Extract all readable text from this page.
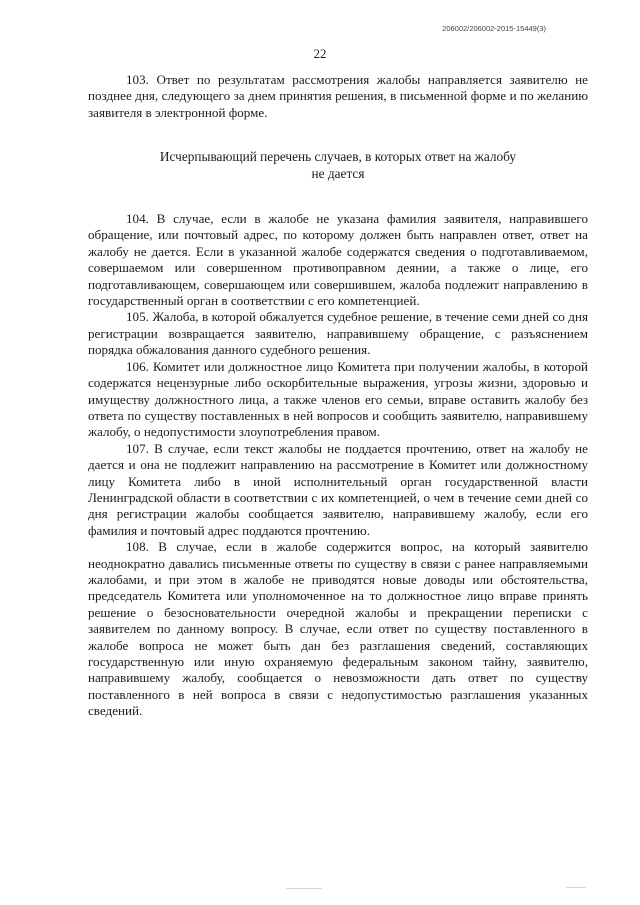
206002/206002-2015-15449(3)
22

103. Ответ по результатам рассмотрения жалобы направляется заявителю не позднее дня, следующего за днем принятия решения, в письменной форме и по желанию заявителя в электронной форме.

Исчерпывающий перечень случаев, в которых ответ на жалобу
не дается

104. В случае, если в жалобе не указана фамилия заявителя, направившего обращение, или почтовый адрес, по которому должен быть направлен ответ, ответ на жалобу не дается. Если в указанной жалобе содержатся сведения о подготавливаемом, совершаемом или совершенном противоправном деянии, а также о лице, его подготавливающем, совершающем или совершившем, жалоба подлежит направлению в государственный орган в соответствии с его компетенцией.

105. Жалоба, в которой обжалуется судебное решение, в течение семи дней со дня регистрации возвращается заявителю, направившему обращение, с разъяснением порядка обжалования данного судебного решения.

106. Комитет или должностное лицо Комитета при получении жалобы, в которой содержатся нецензурные либо оскорбительные выражения, угрозы жизни, здоровью и имуществу должностного лица, а также членов его семьи, вправе оставить жалобу без ответа по существу поставленных в ней вопросов и сообщить заявителю, направившему жалобу, о недопустимости злоупотребления правом.

107. В случае, если текст жалобы не поддается прочтению, ответ на жалобу не дается и она не подлежит направлению на рассмотрение в Комитет или должностному лицу Комитета либо в иной исполнительный орган государственной власти Ленинградской области в соответствии с их компетенцией, о чем в течение семи дней со дня регистрации жалобы сообщается заявителю, направившему жалобу, если его фамилия и почтовый адрес поддаются прочтению.

108. В случае, если в жалобе содержится вопрос, на который заявителю неоднократно давались письменные ответы по существу в связи с ранее направляемыми жалобами, и при этом в жалобе не приводятся новые доводы или обстоятельства, председатель Комитета или уполномоченное на то должностное лицо вправе принять решение о безосновательности очередной жалобы и прекращении переписки с заявителем по данному вопросу. В случае, если ответ по существу поставленного в жалобе вопроса не может быть дан без разглашения сведений, составляющих государственную или иную охраняемую федеральным законом тайну, заявителю, направившему жалобу, сообщается о невозможности дать ответ по существу поставленного в ней вопроса в связи с недопустимостью разглашения указанных сведений.
